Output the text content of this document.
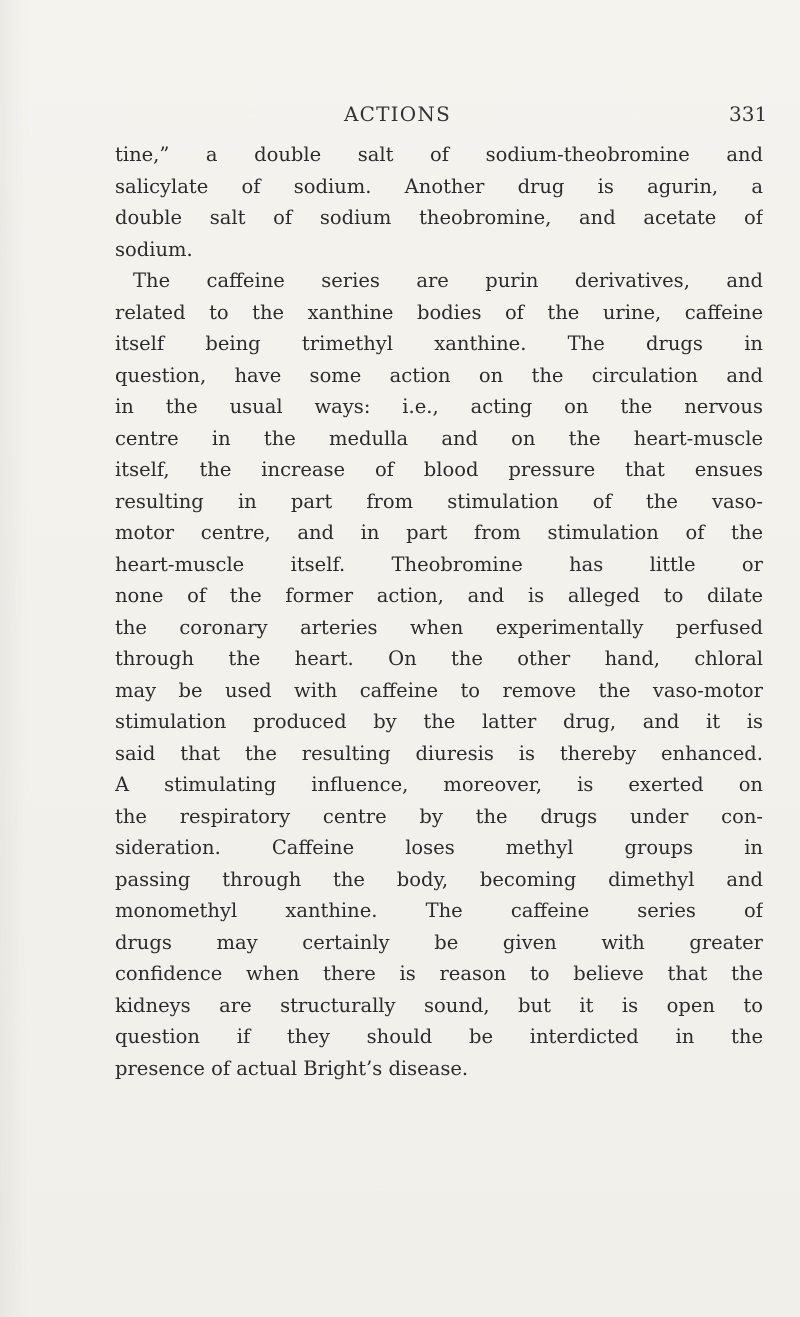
ACTIONS	331
tine,” a double salt of sodium-theobromine and
salicylate of sodium. Another drug is agurin, a
double salt of sodium theobromine, and acetate of
sodium.
The caffeine series are purin derivatives, and
related to the xanthine bodies of the urine, caffeine
itself being trimethyl xanthine. The drugs in
question, have some action on the circulation and
in the usual ways: i.e., acting on the nervous
centre in the medulla and on the heart-muscle
itself, the increase of blood pressure that ensues
resulting in part from stimulation of the vaso-
motor centre, and in part from stimulation of the
heart-muscle itself. Theobromine has little or
none of the former action, and is alleged to dilate
the coronary arteries when experimentally perfused
through the heart. On the other hand, chloral
may be used with caffeine to remove the vaso-motor
stimulation produced by the latter drug, and it is
said that the resulting diuresis is thereby enhanced.
A stimulating influence, moreover, is exerted on
the respiratory centre by the drugs under con-
sideration. Caffeine loses methyl groups in
passing through the body, becoming dimethyl and
monomethyl xanthine. The caffeine series of
drugs may certainly be given with greater
confidence when there is reason to believe that the
kidneys are structurally sound, but it is open to
question if they should be interdicted in the
presence of actual Bright’s disease.
